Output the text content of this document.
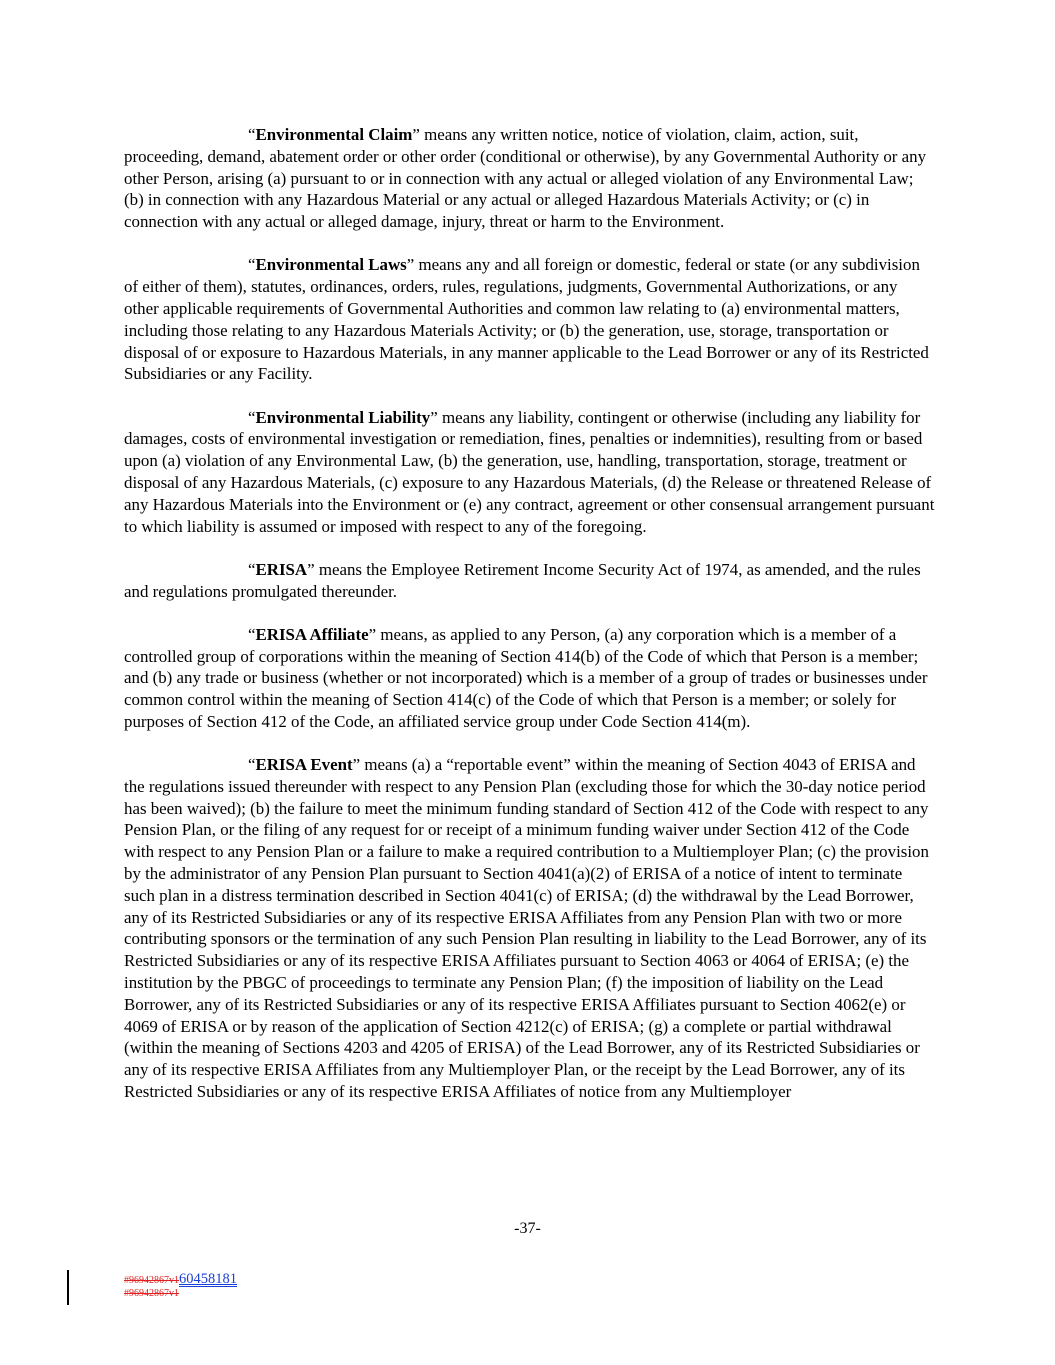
“Environmental Claim” means any written notice, notice of violation, claim, action, suit, proceeding, demand, abatement order or other order (conditional or otherwise), by any Governmental Authority or any other Person, arising (a) pursuant to or in connection with any actual or alleged violation of any Environmental Law; (b) in connection with any Hazardous Material or any actual or alleged Hazardous Materials Activity; or (c) in connection with any actual or alleged damage, injury, threat or harm to the Environment.

“Environmental Laws” means any and all foreign or domestic, federal or state (or any subdivision of either of them), statutes, ordinances, orders, rules, regulations, judgments, Governmental Authorizations, or any other applicable requirements of Governmental Authorities and common law relating to (a) environmental matters, including those relating to any Hazardous Materials Activity; or (b) the generation, use, storage, transportation or disposal of or exposure to Hazardous Materials, in any manner applicable to the Lead Borrower or any of its Restricted Subsidiaries or any Facility.

“Environmental Liability” means any liability, contingent or otherwise (including any liability for damages, costs of environmental investigation or remediation, fines, penalties or indemnities), resulting from or based upon (a) violation of any Environmental Law, (b) the generation, use, handling, transportation, storage, treatment or disposal of any Hazardous Materials, (c) exposure to any Hazardous Materials, (d) the Release or threatened Release of any Hazardous Materials into the Environment or (e) any contract, agreement or other consensual arrangement pursuant to which liability is assumed or imposed with respect to any of the foregoing.

“ERISA” means the Employee Retirement Income Security Act of 1974, as amended, and the rules and regulations promulgated thereunder.

“ERISA Affiliate” means, as applied to any Person, (a) any corporation which is a member of a controlled group of corporations within the meaning of Section 414(b) of the Code of which that Person is a member; and (b) any trade or business (whether or not incorporated) which is a member of a group of trades or businesses under common control within the meaning of Section 414(c) of the Code of which that Person is a member; or solely for purposes of Section 412 of the Code, an affiliated service group under Code Section 414(m).

“ERISA Event” means (a) a “reportable event” within the meaning of Section 4043 of ERISA and the regulations issued thereunder with respect to any Pension Plan (excluding those for which the 30-day notice period has been waived); (b) the failure to meet the minimum funding standard of Section 412 of the Code with respect to any Pension Plan, or the filing of any request for or receipt of a minimum funding waiver under Section 412 of the Code with respect to any Pension Plan or a failure to make a required contribution to a Multiemployer Plan; (c) the provision by the administrator of any Pension Plan pursuant to Section 4041(a)(2) of ERISA of a notice of intent to terminate such plan in a distress termination described in Section 4041(c) of ERISA; (d) the withdrawal by the Lead Borrower, any of its Restricted Subsidiaries or any of its respective ERISA Affiliates from any Pension Plan with two or more contributing sponsors or the termination of any such Pension Plan resulting in liability to the Lead Borrower, any of its Restricted Subsidiaries or any of its respective ERISA Affiliates pursuant to Section 4063 or 4064 of ERISA; (e) the institution by the PBGC of proceedings to terminate any Pension Plan; (f) the imposition of liability on the Lead Borrower, any of its Restricted Subsidiaries or any of its respective ERISA Affiliates pursuant to Section 4062(e) or 4069 of ERISA or by reason of the application of Section 4212(c) of ERISA; (g) a complete or partial withdrawal (within the meaning of Sections 4203 and 4205 of ERISA) of the Lead Borrower, any of its Restricted Subsidiaries or any of its respective ERISA Affiliates from any Multiemployer Plan, or the receipt by the Lead Borrower, any of its Restricted Subsidiaries or any of its respective ERISA Affiliates of notice from any Multiemployer

-37-
#96942867v160458181
#96942867v1
